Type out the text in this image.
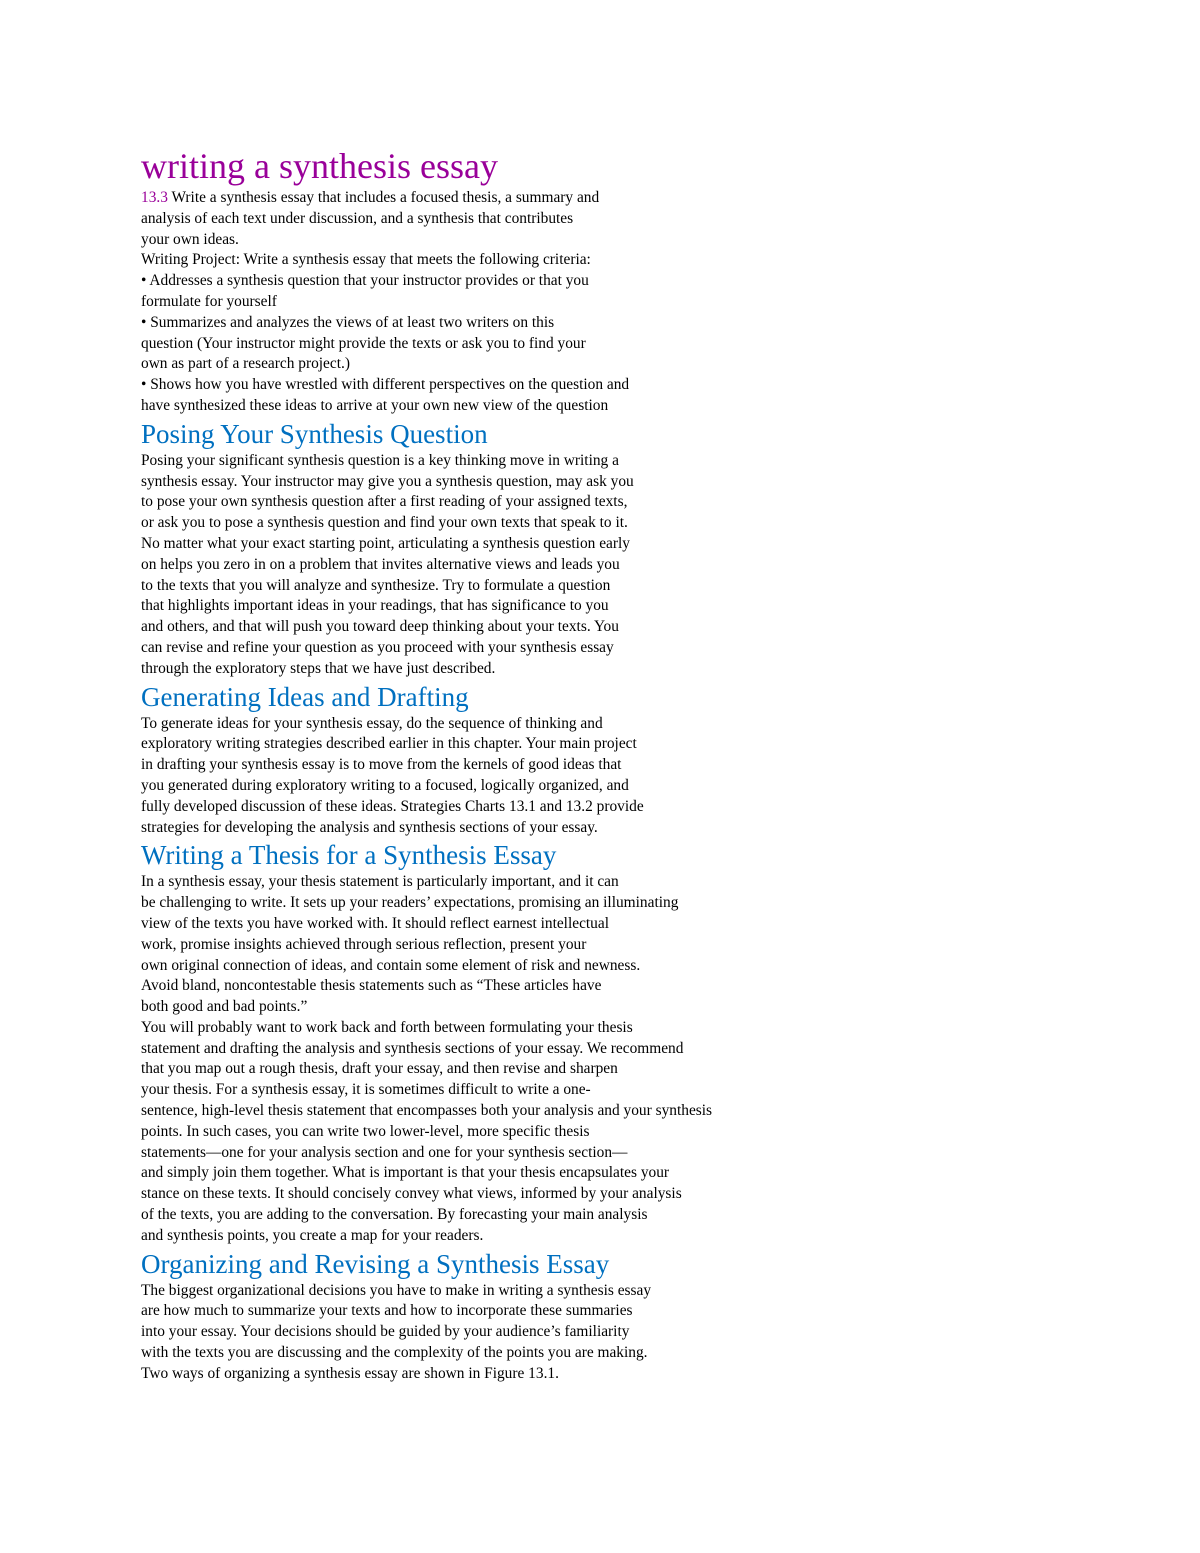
writing a synthesis essay
13.3 Write a synthesis essay that includes a focused thesis, a summary and
analysis of each text under discussion, and a synthesis that contributes
your own ideas.
Writing Project: Write a synthesis essay that meets the following criteria:
• Addresses a synthesis question that your instructor provides or that you
formulate for yourself
• Summarizes and analyzes the views of at least two writers on this
question (Your instructor might provide the texts or ask you to find your
own as part of a research project.)
• Shows how you have wrestled with different perspectives on the question and
have synthesized these ideas to arrive at your own new view of the question
Posing Your Synthesis Question
Posing your significant synthesis question is a key thinking move in writing a
synthesis essay. Your instructor may give you a synthesis question, may ask you
to pose your own synthesis question after a first reading of your assigned texts,
or ask you to pose a synthesis question and find your own texts that speak to it.
No matter what your exact starting point, articulating a synthesis question early
on helps you zero in on a problem that invites alternative views and leads you
to the texts that you will analyze and synthesize. Try to formulate a question
that highlights important ideas in your readings, that has significance to you
and others, and that will push you toward deep thinking about your texts. You
can revise and refine your question as you proceed with your synthesis essay
through the exploratory steps that we have just described.
Generating Ideas and Drafting
To generate ideas for your synthesis essay, do the sequence of thinking and
exploratory writing strategies described earlier in this chapter. Your main project
in drafting your synthesis essay is to move from the kernels of good ideas that
you generated during exploratory writing to a focused, logically organized, and
fully developed discussion of these ideas. Strategies Charts 13.1 and 13.2 provide
strategies for developing the analysis and synthesis sections of your essay.
Writing a Thesis for a Synthesis Essay
In a synthesis essay, your thesis statement is particularly important, and it can
be challenging to write. It sets up your readers’ expectations, promising an illuminating
view of the texts you have worked with. It should reflect earnest intellectual
work, promise insights achieved through serious reflection, present your
own original connection of ideas, and contain some element of risk and newness.
Avoid bland, noncontestable thesis statements such as “These articles have
both good and bad points.”
You will probably want to work back and forth between formulating your thesis
statement and drafting the analysis and synthesis sections of your essay. We recommend
that you map out a rough thesis, draft your essay, and then revise and sharpen
your thesis. For a synthesis essay, it is sometimes difficult to write a one-
sentence, high-level thesis statement that encompasses both your analysis and your synthesis
points. In such cases, you can write two lower-level, more specific thesis
statements—one for your analysis section and one for your synthesis section—
and simply join them together. What is important is that your thesis encapsulates your
stance on these texts. It should concisely convey what views, informed by your analysis
of the texts, you are adding to the conversation. By forecasting your main analysis
and synthesis points, you create a map for your readers.
Organizing and Revising a Synthesis Essay
The biggest organizational decisions you have to make in writing a synthesis essay
are how much to summarize your texts and how to incorporate these summaries
into your essay. Your decisions should be guided by your audience’s familiarity
with the texts you are discussing and the complexity of the points you are making.
Two ways of organizing a synthesis essay are shown in Figure 13.1.
